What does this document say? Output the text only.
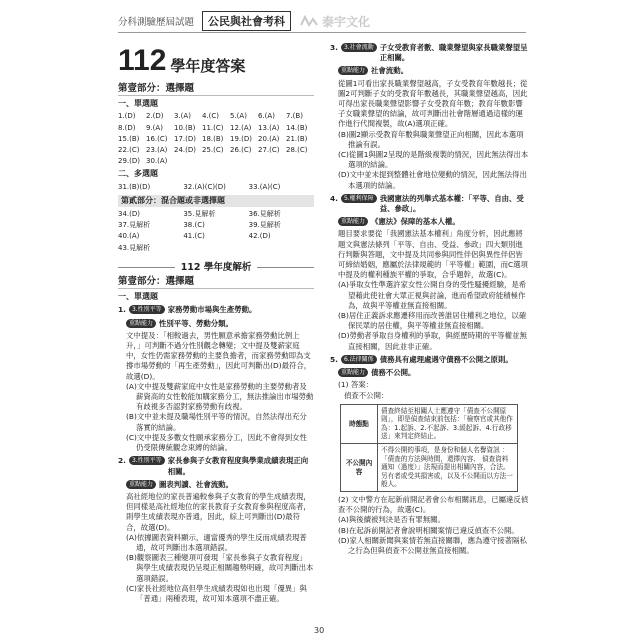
分科測驗歷屆試題	公民與社會考科	泰宇文化
112 學年度答案
第壹部分：選擇題
一、單選題
1.(D)	2.(D)	3.(A)	4.(C)	5.(A)	6.(A)	7.(B)
8.(D)	9.(A)	10.(B) 11.(C) 12.(A) 13.(A) 14.(B)
15.(B) 16.(C) 17.(D) 18.(B) 19.(D) 20.(A) 21.(B)
22.(C) 23.(A) 24.(D) 25.(C) 26.(C) 27.(C) 28.(C)
29.(D) 30.(A)
二、多選題
31.(B)(D)	32.(A)(C)(D)	33.(A)(C)
第貳部分：混合題或非選擇題
34.(D)	35.見解析	36.見解析
37.見解析	38.(C)	39.見解析
40.(A)	41.(C)	42.(D)
43.見解析
112 學年度解析
第壹部分：選擇題
一、單選題
1.	3.性別平等 家務勞動市場與生產勞動。
重點能力 性別平等、勞動分類。
文中提及：「相較過去，男性願意承擔家務勞動比例上升，」可判斷不過分性別觀念轉變；文中提及雙薪家庭中，女性仍需家務勞動的主要負擔者，而家務勞動即為支撐市場勞動的「再生產勞動」，因此可判斷出(D)最符合，故選(D)。
(A)文中提及雙薪家庭中女性是家務勞動的主要勞動者及薪資高的女性較能加購家務分工，無法推論出市場勞動有歧視多否認對家務勞動有歧視。
(B)文中並未提及職場性別平等的情況，自然法得出充分落實的結論。
(C)文中提及多數女性願承家務分工，因此不會得到女性仍受限傳統觀念束縛的結論。
2.	3.性別平等 家長參與子女教育程度與學業成績表現正向相關。
重點能力 圖表判讀、社會流動。
高社經地位的家長普遍較參與子女教育的學生成績表現，但同樣是高社經地位的家長教育子女教育參與程度高者，則學生成績表現亦普通，因此，綜上可判斷出(D)最符合，故選(D)。
(A)依據圖表資料顯示，適當優秀的學生反而成績表現普通，故可判斷出本選項錯誤。
(B)觀察圖表三種變項可發現「家長參與子女教育程度」與學生成績表現仍呈現正相關趨勢明確，故可判斷出本選項錯誤。
(C)家長社經地位高但學生成績表現如也出現「優異」與「普通」兩種表現，故可知本選項不盡正確。
3.	3.社會流動 子女受教育者數、職業聲望與家長職業聲望呈正相關。
重點能力 社會流動。
從圖1可看出家長職業聲望越高，子女受教育年數越長；從圖2可判斷子女的受教育年數越長，其職業聲望越高，因此可得出家長職業聲望影響子女受教育年數；教育年數影響子女職業聲望的結論，故可判斷出社會階層通過這樣的運作進行代間複製，故(A)選項正確。
(B)圖2顯示受教育年數與職業聲望正向相關，因此本選項推論有誤。
(C)從圖1與圖2呈現的是階級複製的情況，因此無法得出本選項的結論。
(D)文中並未提到整體社會地位變動的情況，因此無法得出本選項的結論。
4.	5.權利保障 我國憲法的列舉式基本權：「平等、自由、受益、參政」。
重點能力 《憲法》保障的基本人權。
題目要求要從「我國憲法基本權利」角度分析，因此應將題文與憲法條列「平等、自由、受益、參政」四大類別進行判斷與答題，文中提及共同參與同性伴侶與異性伴侶皆可締結婚姻，應屬於法律規範的「平等權」範圍，而C選項中提及的權利種族平權的爭取，合乎題幹，故選(C)。
(A)爭取女性準選許家女性公開自身的受性騷擾經驗，是希望藉此使社會大眾正視與討論，進而希望政府能積極作為，故與平等權並無直接相關。
(B)居住正義訴求應遷移用而改善誰居住權利之地位，以確保民眾的居住權，與平等權並無直接相關。
(D)勞動者爭取自身權利的爭取，與經歷時期的平等權並無直接相關，因此並非正確。
5.	6.法律關係 債務具有處理處遇守債務不公開之原則。
重點能力 債務不公開。
(1) 答案：
偵查不公開：
時態點	債查終結至相關人士應遵守「債查不公開原則」，即是偵查結束前包括：「檢察官或其他作為：1.起訴、2.不起訴、3.緩起訴、4.行政移送」來判定終結止。
不公開內容	不得公開的事項，是身份和個人名譽資訊 ：「債查的方法與時間，還擇內容、 偵查資料通知（過度）」法規而提出相關內容，合法。另有者或受其損害或，以及不公開而以方法一般人。
(2) 文中警方在起新前開記者會公布相關訊息，已屬違反偵查不公開的行為，故選(C)。
(A)與後續被判決是否有罪無關。
(B)在起訴前開記者會說明相關案情已違反偵查不公開。
(D)家人相關新聞與案情若無直接關聯，應為遵守接著隔私之行為但與偵查不公開並無直接相關。
30
